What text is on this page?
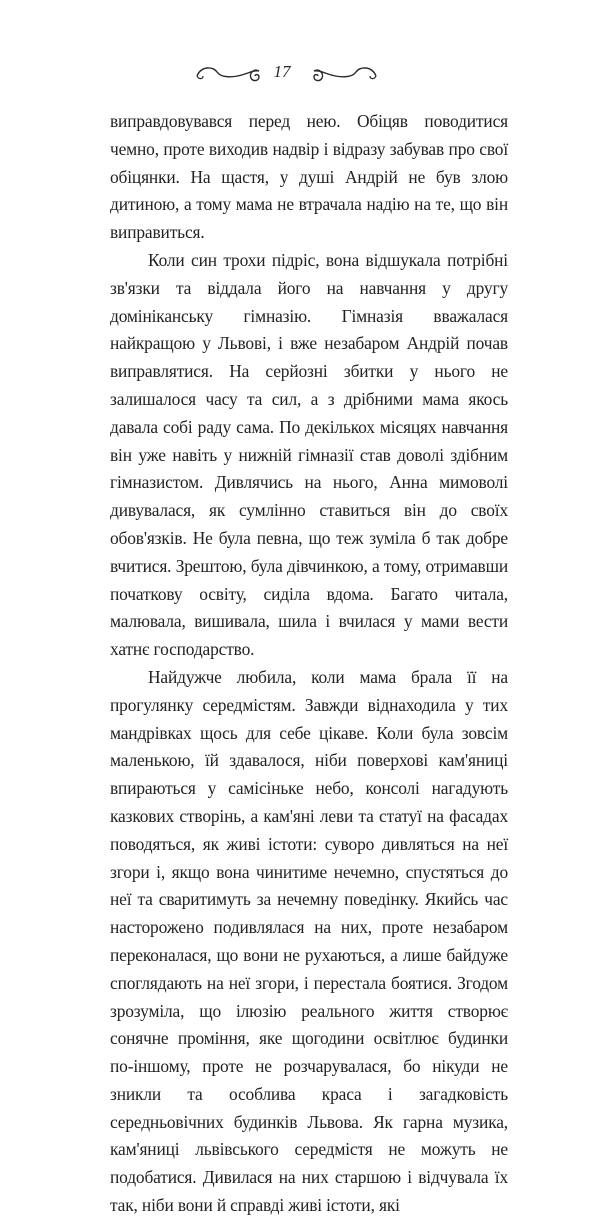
17

виправдовувався перед нею. Обіцяв поводитися чемно, проте виходив надвір і відразу забував про свої обіцянки. На щастя, у душі Андрій не був злою дитиною, а тому мама не втрачала надію на те, що він виправиться.

Коли син трохи підріс, вона відшукала потрібні зв'язки та віддала його на навчання у другу домініканську гімназію. Гімназія вважалася найкращою у Львові, і вже незабаром Андрій почав виправлятися. На серйозні збитки у нього не залишалося часу та сил, а з дрібними мама якось давала собі раду сама. По декількох місяцях навчання він уже навіть у нижній гімназії став доволі здібним гімназистом. Дивлячись на нього, Анна мимоволі дивувалася, як сумлінно ставиться він до своїх обов'язків. Не була певна, що теж зуміла б так добре вчитися. Зрештою, була дівчинкою, а тому, отримавши початкову освіту, сиділа вдома. Багато читала, малювала, вишивала, шила і вчилася у мами вести хатнє господарство.

Найдужче любила, коли мама брала її на прогулянку середмістям. Завжди віднаходила у тих мандрівках щось для себе цікаве. Коли була зовсім маленькою, їй здавалося, ніби поверхові кам'яниці впираються у самісіньке небо, консолі нагадують казкових створінь, а кам'яні леви та статуї на фасадах поводяться, як живі істоти: суворо дивляться на неї згори і, якщо вона чинитиме нечемно, спустяться до неї та сваритимуть за нечемну поведінку. Якийсь час насторожено подивлялася на них, проте незабаром переконалася, що вони не рухаються, а лише байдуже споглядають на неї згори, і перестала боятися. Згодом зрозуміла, що ілюзію реального життя створює сонячне проміння, яке щогодини освітлює будинки по-іншому, проте не розчарувалася, бо нікуди не зникли та особлива краса і загадковість середньовічних будинків Львова. Як гарна музика, кам'яниці львівського середмістя не можуть не подобатися. Дивилася на них старшою і відчувала їх так, ніби вони й справді живі істоти, які
